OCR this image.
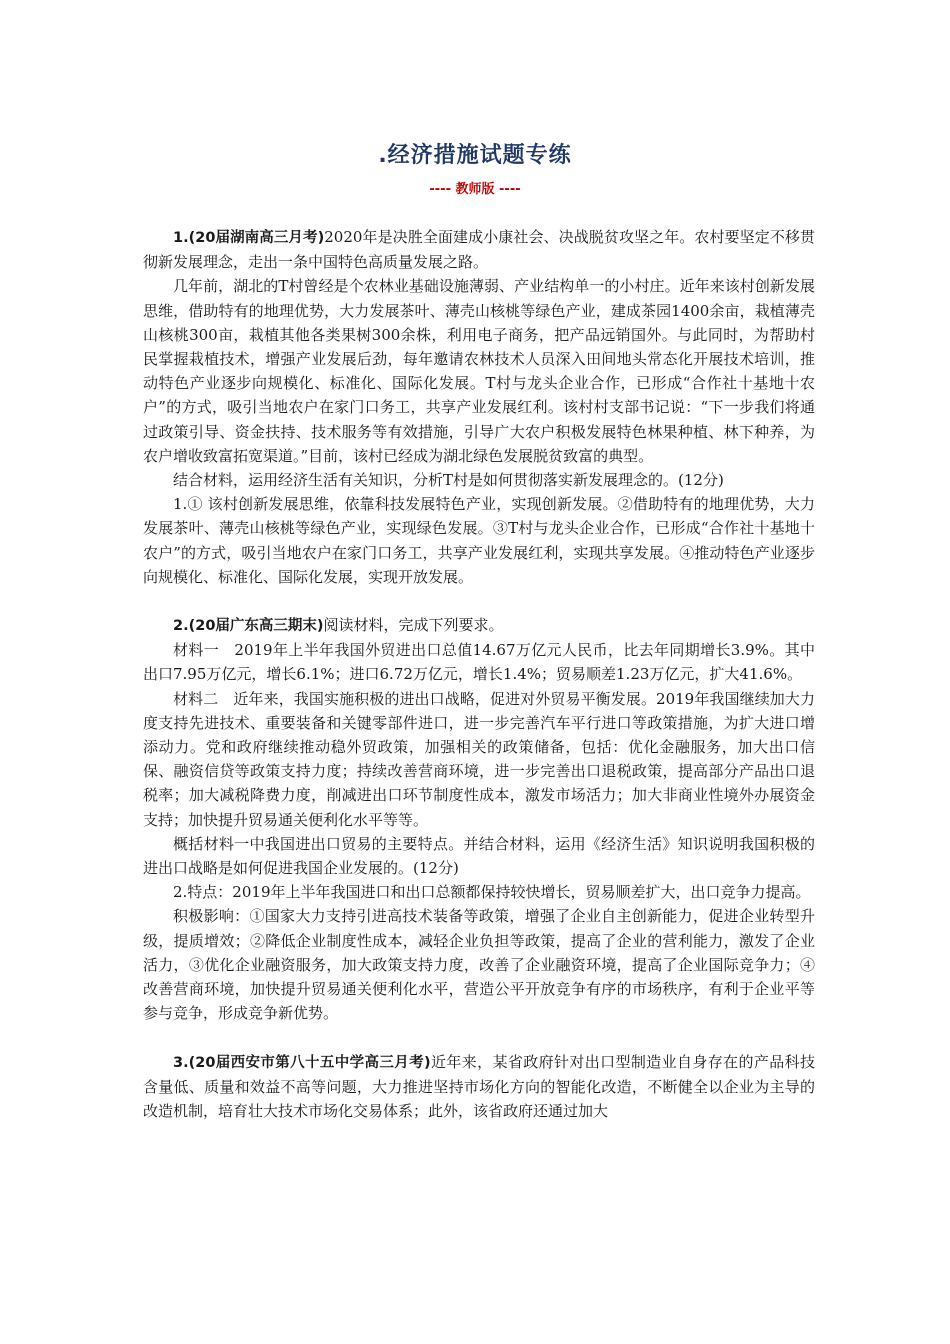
.经济措施试题专练
---- 教师版 ----

1.(20届湖南高三月考)2020年是决胜全面建成小康社会、决战脱贫攻坚之年。农村要坚定不移贯彻新发展理念，走出一条中国特色高质量发展之路。

几年前，湖北的T村曾经是个农林业基础设施薄弱、产业结构单一的小村庄。近年来该村创新发展思维，借助特有的地理优势，大力发展茶叶、薄壳山核桃等绿色产业，建成茶园1400余亩，栽植薄壳山核桃300亩，栽植其他各类果树300余株，利用电子商务，把产品远销国外。与此同时，为帮助村民掌握栽植技术，增强产业发展后劲，每年邀请农林技术人员深入田间地头常态化开展技术培训，推动特色产业逐步向规模化、标准化、国际化发展。T村与龙头企业合作，已形成“合作社十基地十农户”的方式，吸引当地农户在家门口务工，共享产业发展红利。该村村支部书记说：“下一步我们将通过政策引导、资金扶持、技术服务等有效措施，引导广大农户积极发展特色林果种植、林下种养，为农户增收致富拓宽渠道。”目前，该村已经成为湖北绿色发展脱贫致富的典型。

结合材料，运用经济生活有关知识，分析T村是如何贯彻落实新发展理念的。(12分)

1.① 该村创新发展思维，依靠科技发展特色产业，实现创新发展。②借助特有的地理优势，大力发展茶叶、薄壳山核桃等绿色产业，实现绿色发展。③T村与龙头企业合作，已形成“合作社十基地十农户”的方式，吸引当地农户在家门口务工，共享产业发展红利，实现共享发展。④推动特色产业逐步向规模化、标准化、国际化发展，实现开放发展。

2.(20届广东高三期末)阅读材料，完成下列要求。

材料一　 2019年上半年我国外贸进出口总值14.67万亿元人民币，比去年同期增长3.9%。其中出口7.95万亿元，增长6.1%；进口6.72万亿元，增长1.4%；贸易顺差1.23万亿元，扩大41.6%。

材料二　 近年来，我国实施积极的进出口战略，促进对外贸易平衡发展。2019年我国继续加大力度支持先进技术、重要装备和关键零部件进口，进一步完善汽车平行进口等政策措施，为扩大进口增添动力。党和政府继续推动稳外贸政策，加强相关的政策储备，包括：优化金融服务，加大出口信保、融资信贷等政策支持力度；持续改善营商环境，进一步完善出口退税政策，提高部分产品出口退税率；加大减税降费力度，削减进出口环节制度性成本，激发市场活力；加大非商业性境外办展资金支持；加快提升贸易通关便利化水平等等。

概括材料一中我国进出口贸易的主要特点。并结合材料，运用《经济生活》知识说明我国积极的进出口战略是如何促进我国企业发展的。(12分)

2.特点：2019年上半年我国进口和出口总额都保持较快增长，贸易顺差扩大，出口竞争力提高。

积极影响：①国家大力支持引进高技术装备等政策，增强了企业自主创新能力，促进企业转型升级，提质增效；②降低企业制度性成本，减轻企业负担等政策，提高了企业的营利能力，激发了企业活力，③优化企业融资服务，加大政策支持力度，改善了企业融资环境，提高了企业国际竞争力；④改善营商环境，加快提升贸易通关便利化水平，营造公平开放竞争有序的市场秩序，有利于企业平等参与竞争，形成竞争新优势。

3.(20届西安市第八十五中学高三月考)近年来，某省政府针对出口型制造业自身存在的产品科技含量低、质量和效益不高等问题，大力推进坚持市场化方向的智能化改造，不断健全以企业为主导的改造机制，培育壮大技术市场化交易体系；此外，该省政府还通过加大
